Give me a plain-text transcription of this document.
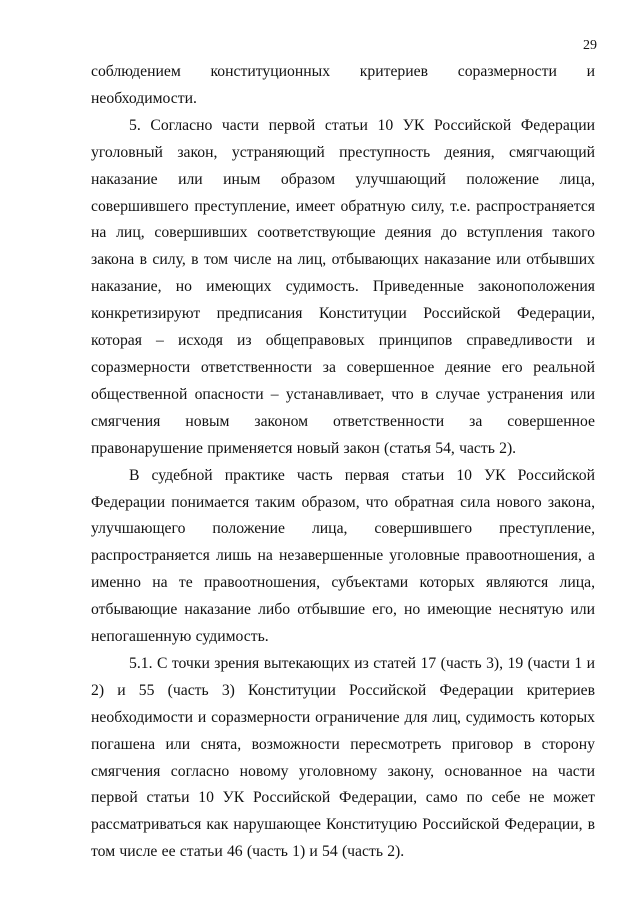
29

соблюдением конституционных критериев соразмерности и необходимости.

5. Согласно части первой статьи 10 УК Российской Федерации уголовный закон, устраняющий преступность деяния, смягчающий наказание или иным образом улучшающий положение лица, совершившего преступление, имеет обратную силу, т.е. распространяется на лиц, совершивших соответствующие деяния до вступления такого закона в силу, в том числе на лиц, отбывающих наказание или отбывших наказание, но имеющих судимость. Приведенные законоположения конкретизируют предписания Конституции Российской Федерации, которая – исходя из общеправовых принципов справедливости и соразмерности ответственности за совершенное деяние его реальной общественной опасности – устанавливает, что в случае устранения или смягчения новым законом ответственности за совершенное правонарушение применяется новый закон (статья 54, часть 2).

В судебной практике часть первая статьи 10 УК Российской Федерации понимается таким образом, что обратная сила нового закона, улучшающего положение лица, совершившего преступление, распространяется лишь на незавершенные уголовные правоотношения, а именно на те правоотношения, субъектами которых являются лица, отбывающие наказание либо отбывшие его, но имеющие неснятую или непогашенную судимость.

5.1. С точки зрения вытекающих из статей 17 (часть 3), 19 (части 1 и 2) и 55 (часть 3) Конституции Российской Федерации критериев необходимости и соразмерности ограничение для лиц, судимость которых погашена или снята, возможности пересмотреть приговор в сторону смягчения согласно новому уголовному закону, основанное на части первой статьи 10 УК Российской Федерации, само по себе не может рассматриваться как нарушающее Конституцию Российской Федерации, в том числе ее статьи 46 (часть 1) и 54 (часть 2).
